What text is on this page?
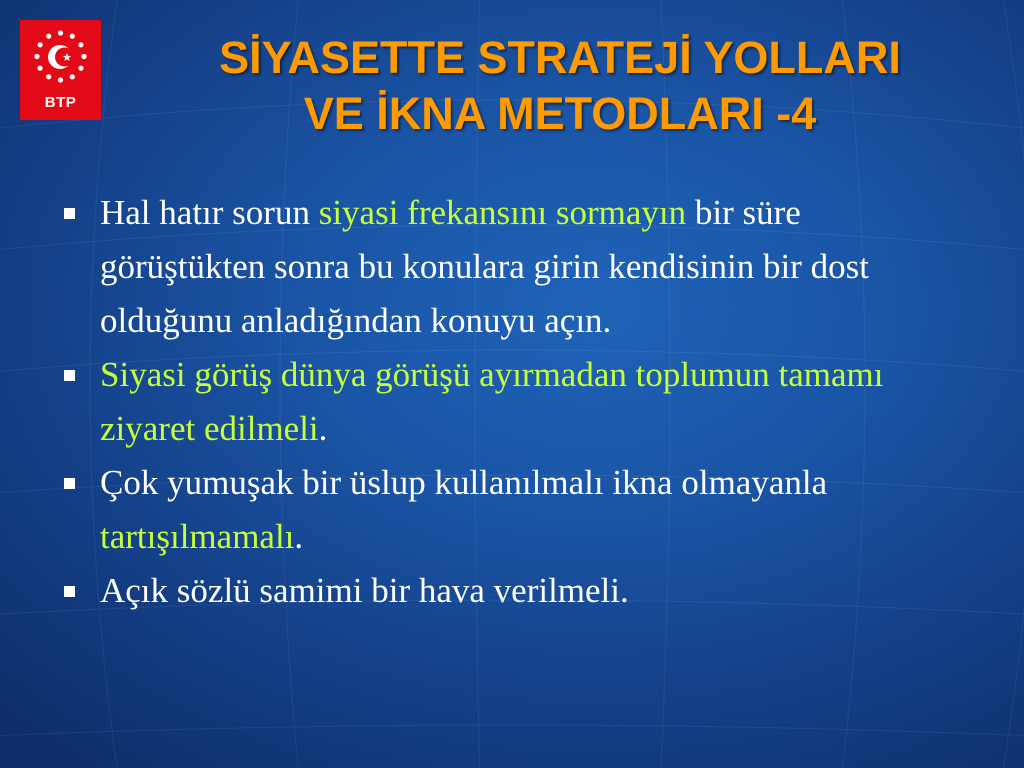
BTP
SİYASETTE STRATEJİ YOLLARI
VE İKNA METODLARI -4
Hal hatır sorun siyasi frekansını sormayın bir süre görüştükten sonra bu konulara girin kendisinin bir dost olduğunu anladığından konuyu açın.
Siyasi görüş dünya görüşü ayırmadan toplumun tamamı ziyaret edilmeli.
Çok yumuşak bir üslup kullanılmalı ikna olmayanla tartışılmamalı.
Açık sözlü samimi bir hava verilmeli.
